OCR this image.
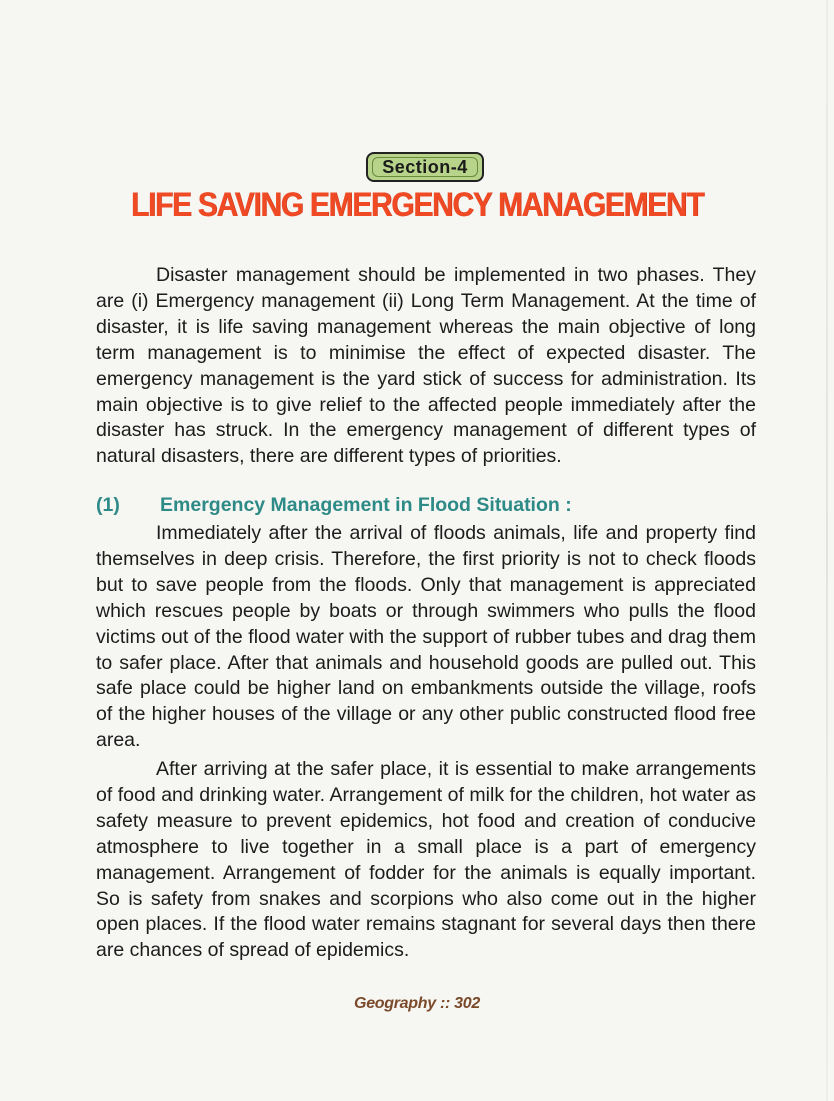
Section-4
LIFE SAVING EMERGENCY MANAGEMENT

Disaster management should be implemented in two phases. They are (i) Emergency management (ii) Long Term Management. At the time of disaster, it is life saving management whereas the main objective of long term management is to minimise the effect of expected disaster. The emergency management is the yard stick of success for administration. Its main objective is to give relief to the affected people immediately after the disaster has struck. In the emergency management of different types of natural disasters, there are different types of priorities.

(1) Emergency Management in Flood Situation :

Immediately after the arrival of floods animals, life and property find themselves in deep crisis. Therefore, the first priority is not to check floods but to save people from the floods. Only that management is appreciated which rescues people by boats or through swimmers who pulls the flood victims out of the flood water with the support of rubber tubes and drag them to safer place. After that animals and household goods are pulled out. This safe place could be higher land on embankments outside the village, roofs of the higher houses of the village or any other public constructed flood free area.

After arriving at the safer place, it is essential to make arrangements of food and drinking water. Arrangement of milk for the children, hot water as safety measure to prevent epidemics, hot food and creation of conducive atmosphere to live together in a small place is a part of emergency management. Arrangement of fodder for the animals is equally important. So is safety from snakes and scorpions who also come out in the higher open places. If the flood water remains stagnant for several days then there are chances of spread of epidemics.

Geography :: 302
